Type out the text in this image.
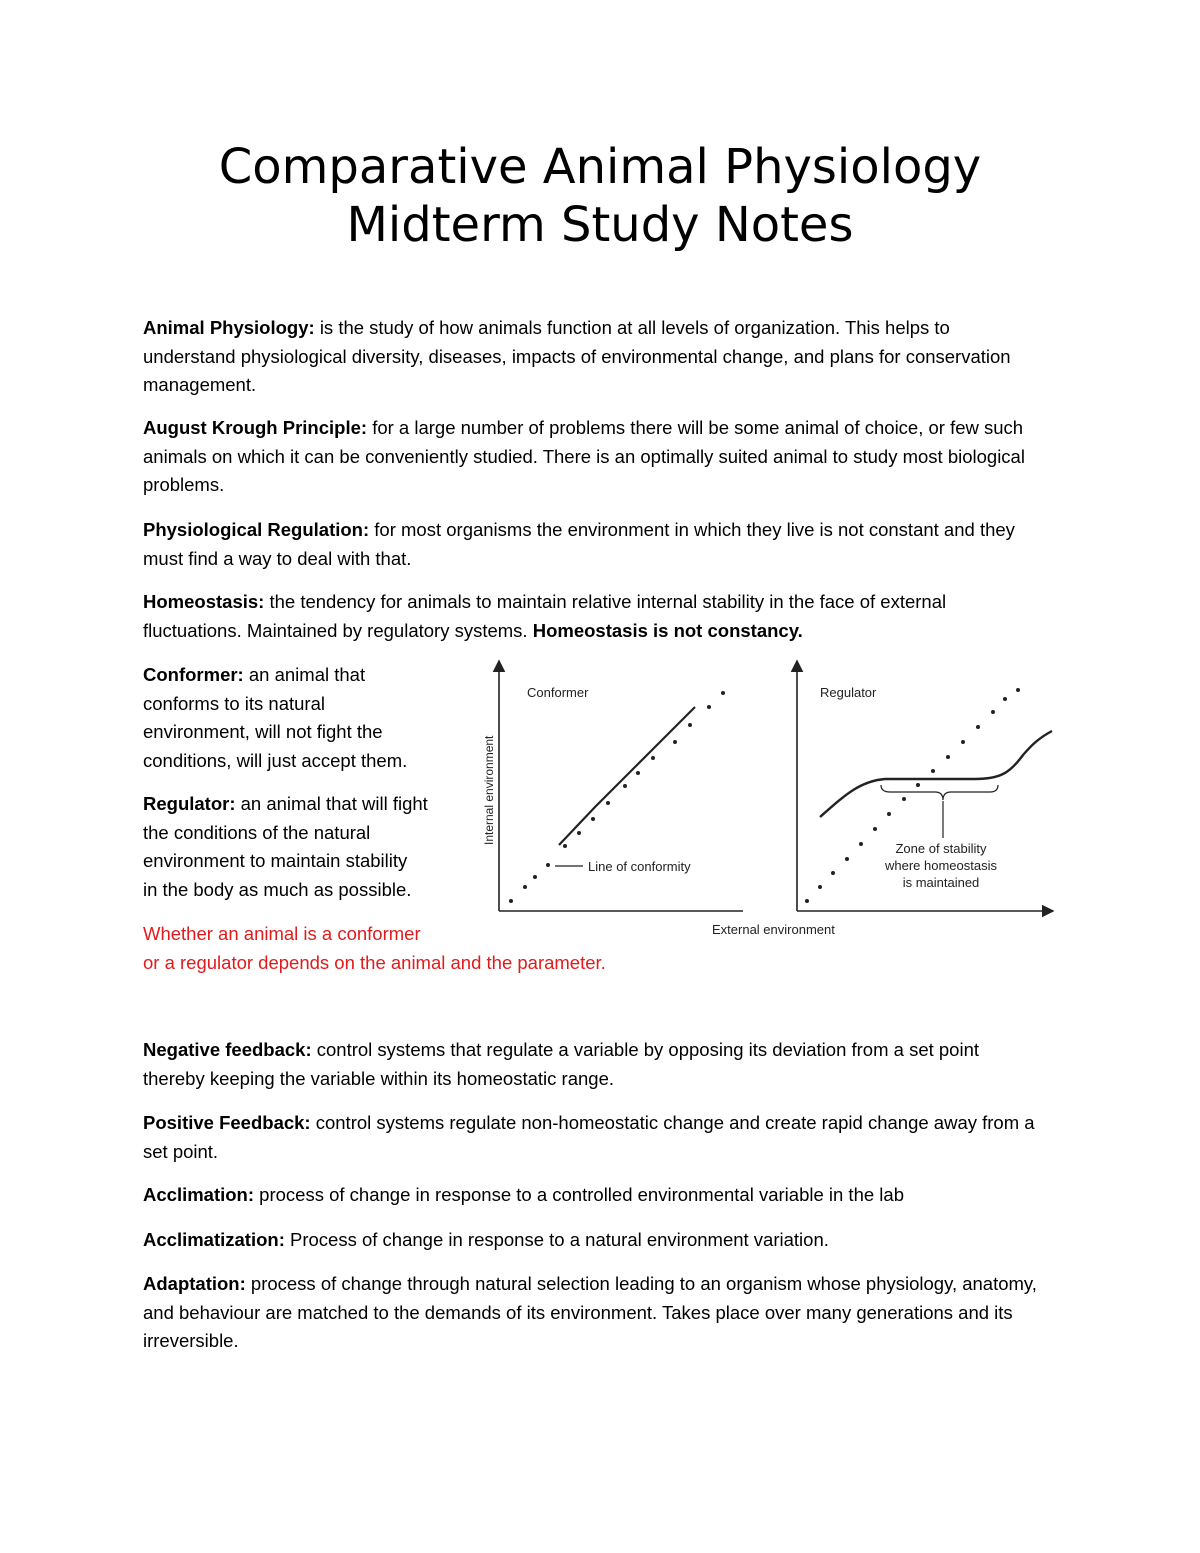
Comparative Animal Physiology
Midterm Study Notes
Animal Physiology: is the study of how animals function at all levels of organization. This helps to understand physiological diversity, diseases, impacts of environmental change, and plans for conservation management.
August Krough Principle: for a large number of problems there will be some animal of choice, or few such animals on which it can be conveniently studied. There is an optimally suited animal to study most biological problems.
Physiological Regulation: for most organisms the environment in which they live is not constant and they must find a way to deal with that.
Homeostasis: the tendency for animals to maintain relative internal stability in the face of external fluctuations. Maintained by regulatory systems. Homeostasis is not constancy.
Conformer: an animal that
conforms to its natural
environment, will not fight the
conditions, will just accept them.
Regulator: an animal that will fight
the conditions of the natural
environment to maintain stability
in the body as much as possible.
Whether an animal is a conformer
or a regulator depends on the animal and the parameter.
Conformer
Internal environment
Line of conformity
Regulator
Zone of stability
where homeostasis
is maintained
External environment
Negative feedback: control systems that regulate a variable by opposing its deviation from a set point thereby keeping the variable within its homeostatic range.
Positive Feedback: control systems regulate non-homeostatic change and create rapid change away from a set point.
Acclimation: process of change in response to a controlled environmental variable in the lab
Acclimatization: Process of change in response to a natural environment variation.
Adaptation: process of change through natural selection leading to an organism whose physiology, anatomy, and behaviour are matched to the demands of its environment. Takes place over many generations and its irreversible.
